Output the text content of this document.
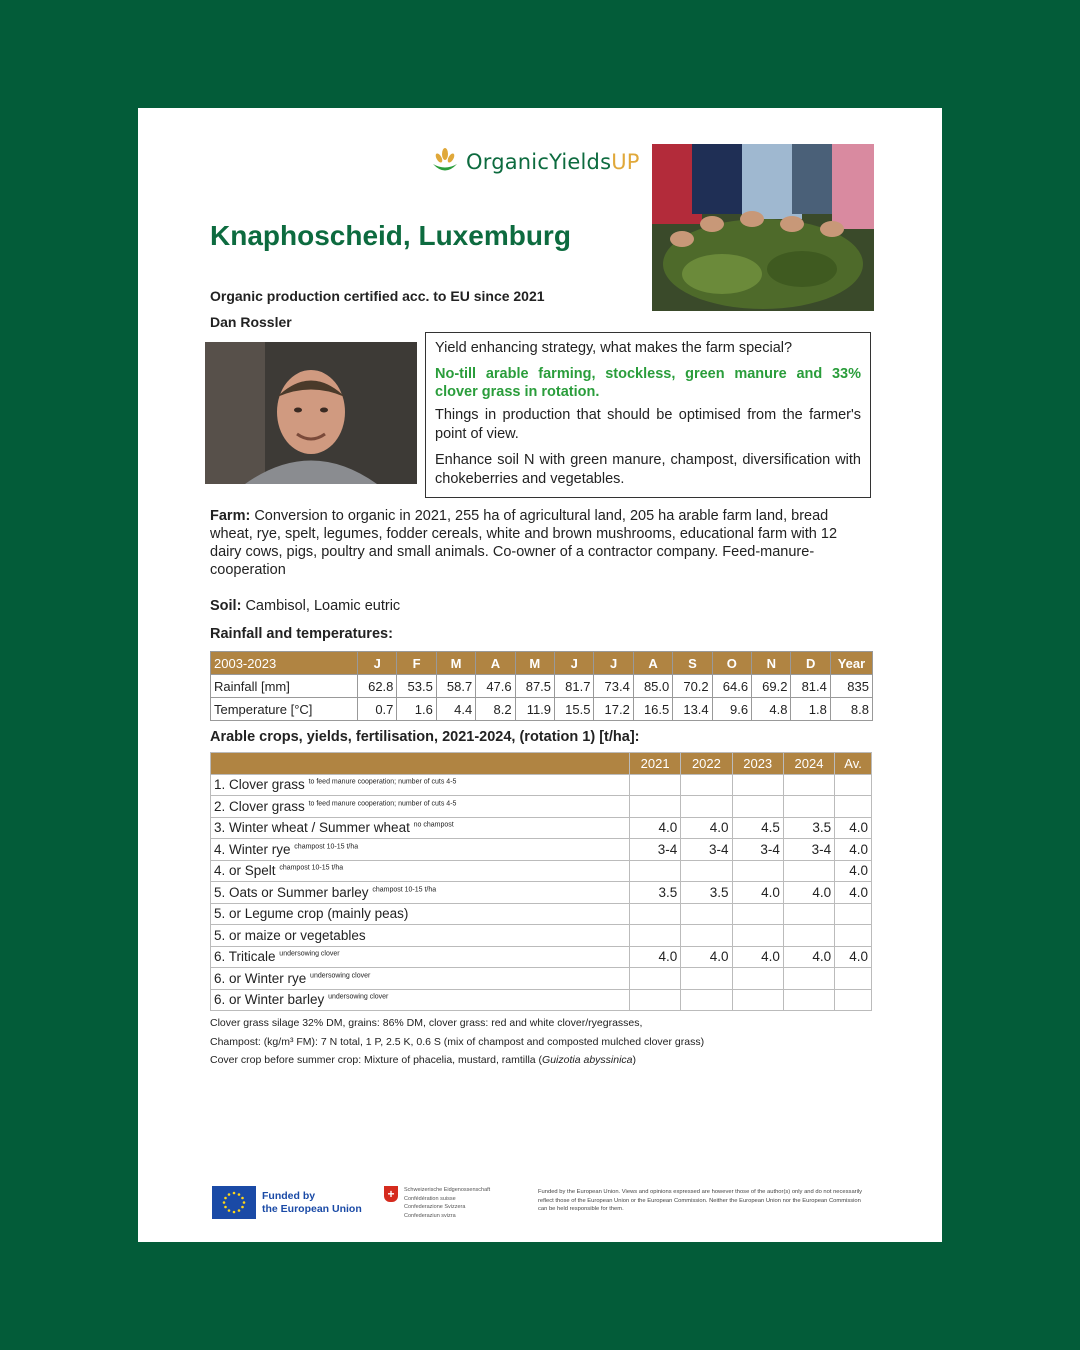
OrganicYieldsUP
Knaphoscheid, Luxemburg
Organic production certified acc. to EU since 2021
Dan Rossler

Yield enhancing strategy, what makes the farm special?

No-till arable farming, stockless, green manure and 33% clover grass in rotation.

Things in production that should be optimised from the farmer's point of view.

Enhance soil N with green manure, champost, diversification with chokeberries and vegetables.

Farm: Conversion to organic in 2021, 255 ha of agricultural land, 205 ha arable farm land, bread wheat, rye, spelt, legumes, fodder cereals, white and brown mushrooms, educational farm with 12 dairy cows, pigs, poultry and small animals. Co-owner of a contractor company. Feed-manure-cooperation
Soil: Cambisol, Loamic eutric
Rainfall and temperatures:
2003-2023	J	F	M	A	M	J	J	A	S	O	N	D	Year
Rainfall [mm]	62.8	53.5	58.7	47.6	87.5	81.7	73.4	85.0	70.2	64.6	69.2	81.4	835
Temperature [°C]	0.7	1.6	4.4	8.2	11.9	15.5	17.2	16.5	13.4	9.6	4.8	1.8	8.8
Arable crops, yields, fertilisation, 2021-2024, (rotation 1) [t/ha]:
	2021	2022	2023	2024	Av.
1. Clover grass $^{to feed manure cooperation; number of cuts 4-5}$					
2. Clover grass $^{to feed manure cooperation; number of cuts 4-5}$					
3. Winter wheat / Summer wheat $^{no champost}$	4.0	4.0	4.5	3.5	4.0
4. Winter rye $^{champost 10-15 t/ha}$	3-4	3-4	3-4	3-4	4.0
4. or Spelt $^{champost 10-15 t/ha}$					4.0
5. Oats or Summer barley $^{champost 10-15 t/ha}$	3.5	3.5	4.0	4.0	4.0
5. or Legume crop (mainly peas)					
5. or maize or vegetables					
6. Triticale $^{undersowing clover}$	4.0	4.0	4.0	4.0	4.0
6. or Winter rye $^{undersowing clover}$					
6. or Winter barley $^{undersowing clover}$					
Clover grass silage 32% DM, grains: 86% DM, clover grass: red and white clover/ryegrasses,
Champost: (kg/m³ FM): 7 N total, 1 P, 2.5 K, 0.6 S (mix of champost and composted mulched clover grass)
Cover crop before summer crop: Mixture of phacelia, mustard, ramtilla (Guizotia abyssinica)
Funded by
the European Union
+	Schweizerische Eidgenossenschaft
Confédération suisse
Confederazione Svizzera
Confederaziun svizra
Funded by the European Union. Views and opinions expressed are however those of the author(s) only and do not necessarily reflect those of the European Union or the European Commission. Neither the European Union nor the European Commission can be held responsible for them.
